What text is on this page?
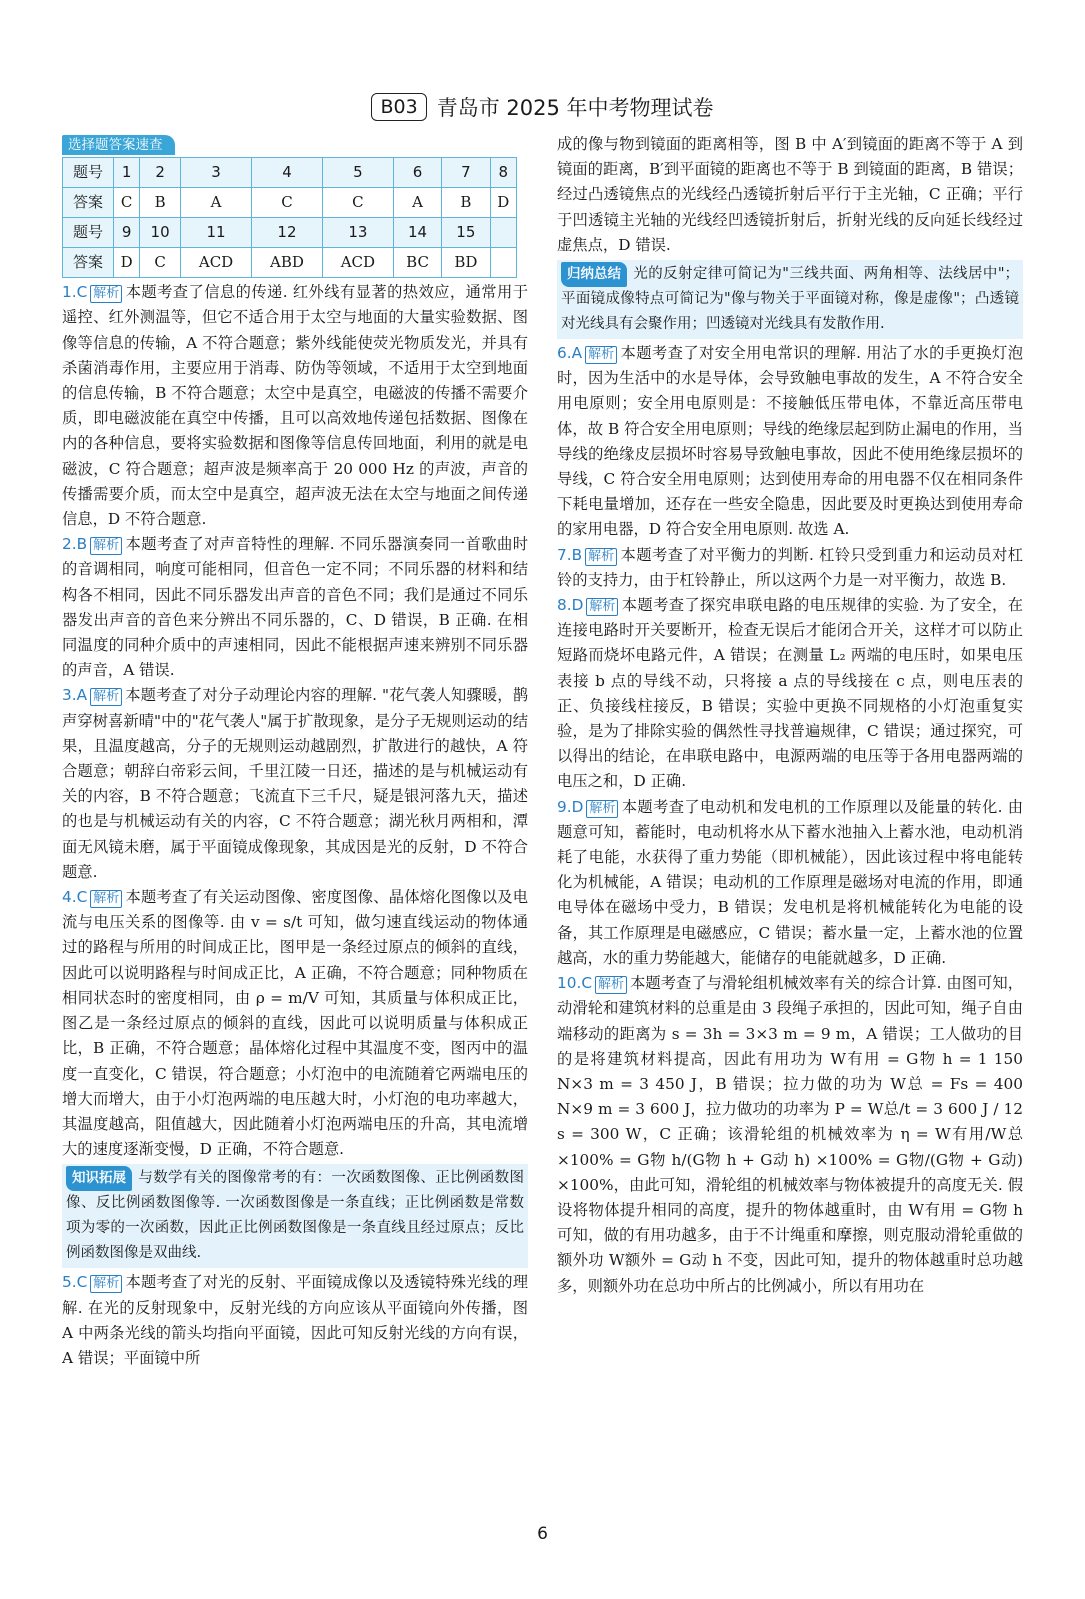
B03 青岛市 2025 年中考物理试卷
选择题答案速查
题号	1	2	3	4	5	6	7	8
答案	C	B	A	C	C	A	B	D
题号	9	10	11	12	13	14	15	
答案	D	C	ACD	ABD	ACD	BC	BD	

1.C 解析 本题考查了信息的传递. 红外线有显著的热效应，通常用于遥控、红外测温等，但它不适合用于太空与地面的大量实验数据、图像等信息的传输，A 不符合题意；紫外线能使荧光物质发光，并具有杀菌消毒作用，主要应用于消毒、防伪等领域，不适用于太空到地面的信息传输，B 不符合题意；太空中是真空，电磁波的传播不需要介质，即电磁波能在真空中传播，且可以高效地传递包括数据、图像在内的各种信息，要将实验数据和图像等信息传回地面，利用的就是电磁波，C 符合题意；超声波是频率高于 20 000 Hz 的声波，声音的传播需要介质，而太空中是真空，超声波无法在太空与地面之间传递信息，D 不符合题意.

2.B 解析 本题考查了对声音特性的理解. 不同乐器演奏同一首歌曲时的音调相同，响度可能相同，但音色一定不同；不同乐器的材料和结构各不相同，因此不同乐器发出声音的音色不同；我们是通过不同乐器发出声音的音色来分辨出不同乐器的，C、D 错误，B 正确. 在相同温度的同种介质中的声速相同，因此不能根据声速来辨别不同乐器的声音，A 错误.

3.A 解析 本题考查了对分子动理论内容的理解. "花气袭人知骤暖，鹊声穿树喜新晴"中的"花气袭人"属于扩散现象，是分子无规则运动的结果，且温度越高，分子的无规则运动越剧烈，扩散进行的越快，A 符合题意；朝辞白帝彩云间，千里江陵一日还，描述的是与机械运动有关的内容，B 不符合题意；飞流直下三千尺，疑是银河落九天，描述的也是与机械运动有关的内容，C 不符合题意；湖光秋月两相和，潭面无风镜未磨，属于平面镜成像现象，其成因是光的反射，D 不符合题意.

4.C 解析 本题考查了有关运动图像、密度图像、晶体熔化图像以及电流与电压关系的图像等. 由 v = s/t 可知，做匀速直线运动的物体通过的路程与所用的时间成正比，图甲是一条经过原点的倾斜的直线，因此可以说明路程与时间成正比，A 正确，不符合题意；同种物质在相同状态时的密度相同，由 ρ = m/V 可知，其质量与体积成正比，图乙是一条经过原点的倾斜的直线，因此可以说明质量与体积成正比，B 正确，不符合题意；晶体熔化过程中其温度不变，图丙中的温度一直变化，C 错误，符合题意；小灯泡中的电流随着它两端电压的增大而增大，由于小灯泡两端的电压越大时，小灯泡的电功率越大，其温度越高，阻值越大，因此随着小灯泡两端电压的升高，其电流增大的速度逐渐变慢，D 正确，不符合题意.

知识拓展 与数学有关的图像常考的有：一次函数图像、正比例函数图像、反比例函数图像等. 一次函数图像是一条直线；正比例函数是常数项为零的一次函数，因此正比例函数图像是一条直线且经过原点；反比例函数图像是双曲线.

5.C 解析 本题考查了对光的反射、平面镜成像以及透镜特殊光线的理解. 在光的反射现象中，反射光线的方向应该从平面镜向外传播，图 A 中两条光线的箭头均指向平面镜，因此可知反射光线的方向有误，A 错误；平面镜中所

成的像与物到镜面的距离相等，图 B 中 A′到镜面的距离不等于 A 到镜面的距离，B′到平面镜的距离也不等于 B 到镜面的距离，B 错误；经过凸透镜焦点的光线经凸透镜折射后平行于主光轴，C 正确；平行于凹透镜主光轴的光线经凹透镜折射后，折射光线的反向延长线经过虚焦点，D 错误.

归纳总结 光的反射定律可简记为"三线共面、两角相等、法线居中"；平面镜成像特点可简记为"像与物关于平面镜对称，像是虚像"；凸透镜对光线具有会聚作用；凹透镜对光线具有发散作用.

6.A 解析 本题考查了对安全用电常识的理解. 用沾了水的手更换灯泡时，因为生活中的水是导体，会导致触电事故的发生，A 不符合安全用电原则；安全用电原则是：不接触低压带电体，不靠近高压带电体，故 B 符合安全用电原则；导线的绝缘层起到防止漏电的作用，当导线的绝缘皮层损坏时容易导致触电事故，因此不使用绝缘层损坏的导线，C 符合安全用电原则；达到使用寿命的用电器不仅在相同条件下耗电量增加，还存在一些安全隐患，因此要及时更换达到使用寿命的家用电器，D 符合安全用电原则. 故选 A.

7.B 解析 本题考查了对平衡力的判断. 杠铃只受到重力和运动员对杠铃的支持力，由于杠铃静止，所以这两个力是一对平衡力，故选 B.

8.D 解析 本题考查了探究串联电路的电压规律的实验. 为了安全，在连接电路时开关要断开，检查无误后才能闭合开关，这样才可以防止短路而烧坏电路元件，A 错误；在测量 L₂ 两端的电压时，如果电压表接 b 点的导线不动，只将接 a 点的导线接在 c 点，则电压表的正、负接线柱接反，B 错误；实验中更换不同规格的小灯泡重复实验，是为了排除实验的偶然性寻找普遍规律，C 错误；通过探究，可以得出的结论，在串联电路中，电源两端的电压等于各用电器两端的电压之和，D 正确.

9.D 解析 本题考查了电动机和发电机的工作原理以及能量的转化. 由题意可知，蓄能时，电动机将水从下蓄水池抽入上蓄水池，电动机消耗了电能，水获得了重力势能（即机械能），因此该过程中将电能转化为机械能，A 错误；电动机的工作原理是磁场对电流的作用，即通电导体在磁场中受力，B 错误；发电机是将机械能转化为电能的设备，其工作原理是电磁感应，C 错误；蓄水量一定，上蓄水池的位置越高，水的重力势能越大，能储存的电能就越多，D 正确.

10.C 解析 本题考查了与滑轮组机械效率有关的综合计算. 由图可知，动滑轮和建筑材料的总重是由 3 段绳子承担的，因此可知，绳子自由端移动的距离为 s = 3h = 3×3 m = 9 m，A 错误；工人做功的目的是将建筑材料提高，因此有用功为 W有用 = G物 h = 1 150 N×3 m = 3 450 J，B 错误；拉力做的功为 W总 = Fs = 400 N×9 m = 3 600 J，拉力做功的功率为 P = W总/t = 3 600 J / 12 s = 300 W，C 正确；该滑轮组的机械效率为 η = W有用/W总 ×100% = G物 h/(G物 h + G动 h) ×100% = G物/(G物 + G动) ×100%，由此可知，滑轮组的机械效率与物体被提升的高度无关. 假设将物体提升相同的高度，提升的物体越重时，由 W有用 = G物 h 可知，做的有用功越多，由于不计绳重和摩擦，则克服动滑轮重做的额外功 W额外 = G动 h 不变，因此可知，提升的物体越重时总功越多，则额外功在总功中所占的比例减小，所以有用功在

6
